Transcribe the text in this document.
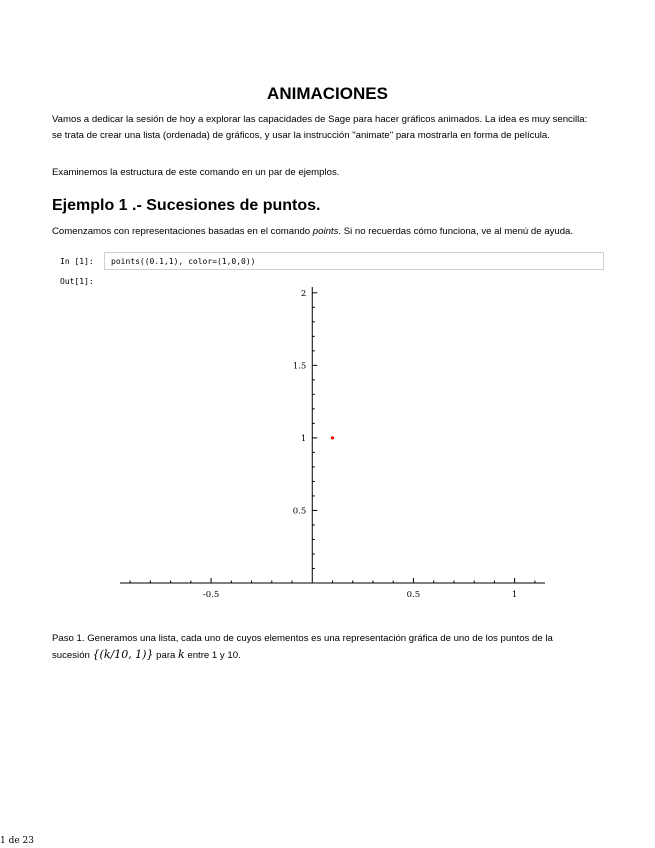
ANIMACIONES
Vamos a dedicar la sesión de hoy a explorar las capacidades de Sage para hacer gráficos animados. La idea es muy sencilla: se trata de crear una lista (ordenada) de gráficos, y usar la instrucción "animate" para mostrarla en forma de película.
Examinemos la estructura de este comando en un par de ejemplos.
Ejemplo 1 .- Sucesiones de puntos.
Comenzamos con representaciones basadas en el comando points. Si no recuerdas cómo funciona, ve al menú de ayuda.
In [1]:	points((0.1,1), color=(1,0,0))
Out[1]:
-0.5	0.5	1
0.5
1
1.5
2
Paso 1. Generamos una lista, cada uno de cuyos elementos es una representación gráfica de uno de los puntos de la sucesión {(k/10, 1)} para k entre 1 y 10.
1 de 23
